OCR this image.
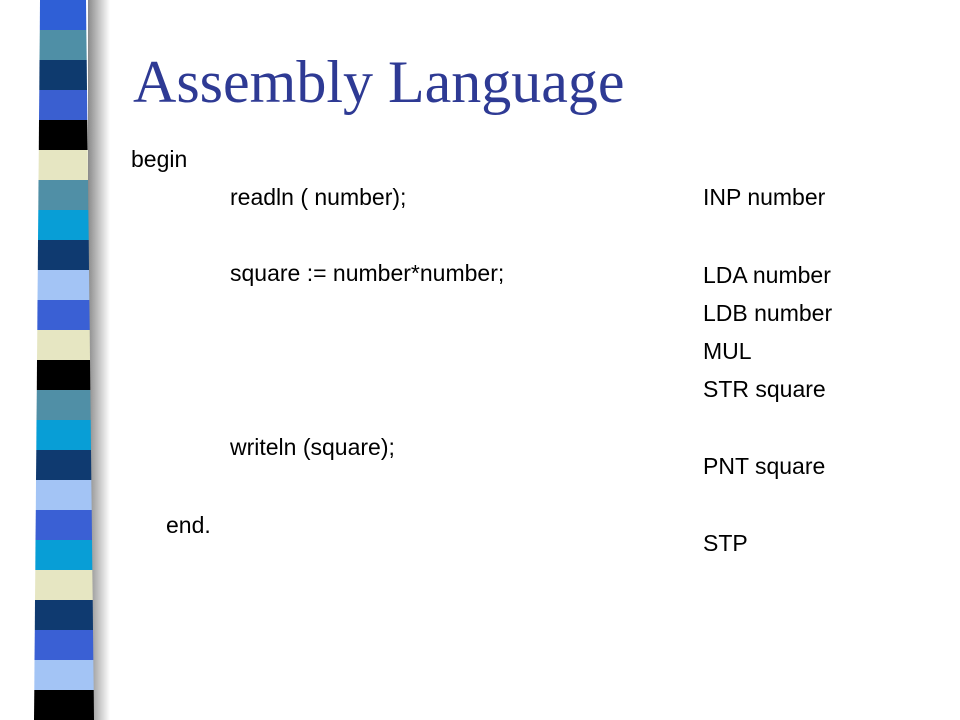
Assembly Language
begin
readln ( number);
square := number*number;
writeln (square);
end.
INP number
LDA number
LDB number
MUL
STR square
PNT square
STP
